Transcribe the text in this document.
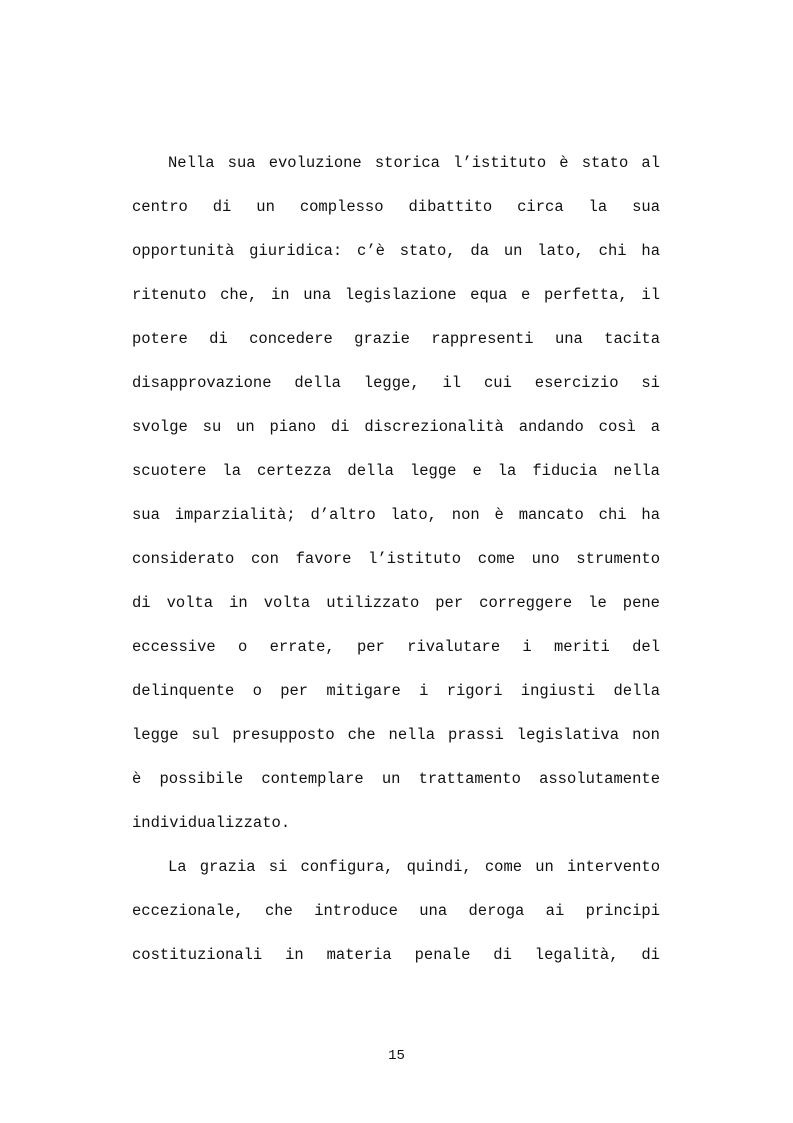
Nella sua evoluzione storica l’istituto è stato al
centro di un complesso dibattito circa la sua
opportunità giuridica: c’è stato, da un lato, chi ha
ritenuto che, in una legislazione equa e perfetta, il
potere di concedere grazie rappresenti una tacita
disapprovazione della legge, il cui esercizio si
svolge su un piano di discrezionalità andando così a
scuotere la certezza della legge e la fiducia nella
sua imparzialità; d’altro lato, non è mancato chi ha
considerato con favore l’istituto come uno strumento
di volta in volta utilizzato per correggere le pene
eccessive o errate, per rivalutare i meriti del
delinquente o per mitigare i rigori ingiusti della
legge sul presupposto che nella prassi legislativa non
è possibile contemplare un trattamento assolutamente
individualizzato.
La grazia si configura, quindi, come un intervento
eccezionale, che introduce una deroga ai principi
costituzionali in materia penale di legalità, di
15
